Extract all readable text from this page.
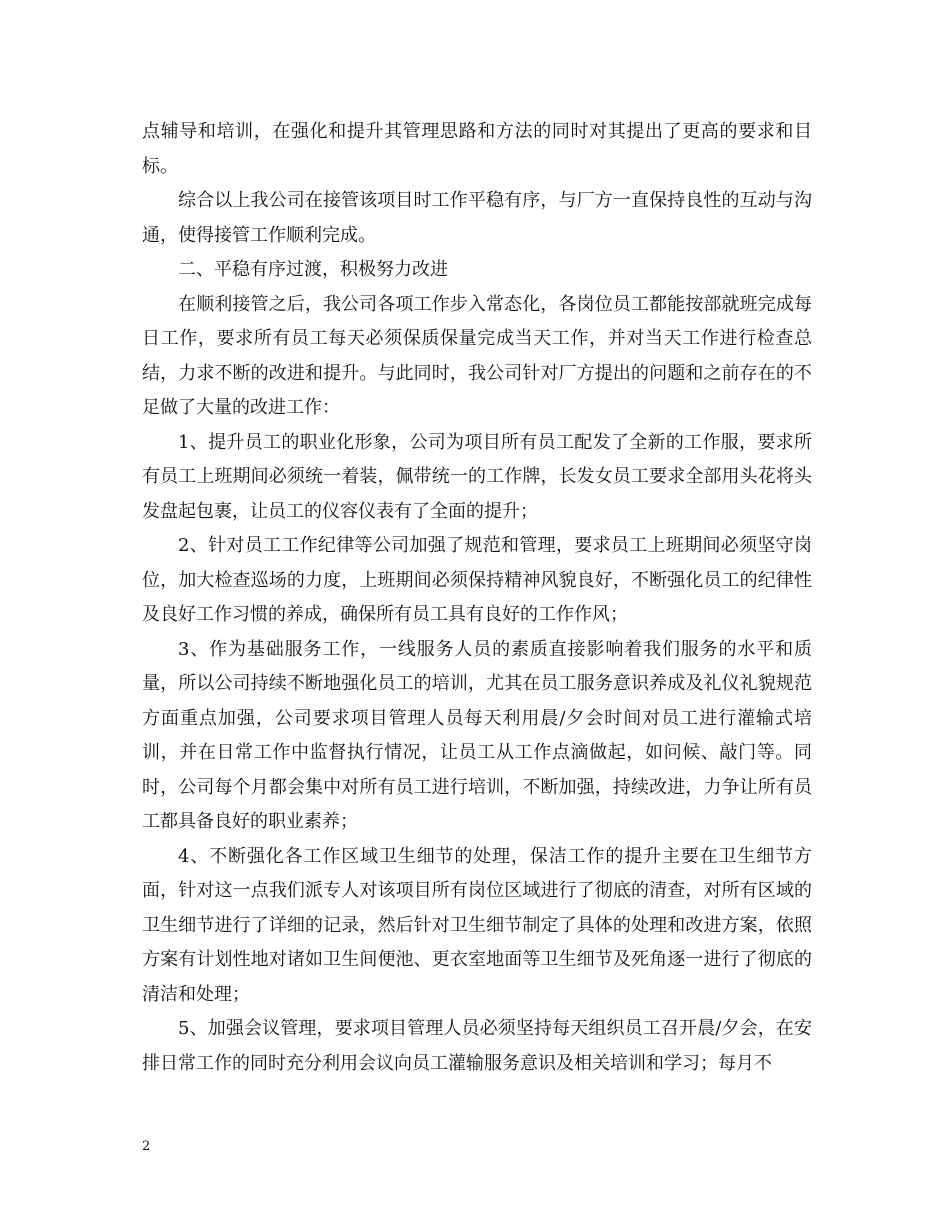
点辅导和培训，在强化和提升其管理思路和方法的同时对其提出了更高的要求和目标。

综合以上我公司在接管该项目时工作平稳有序，与厂方一直保持良性的互动与沟通，使得接管工作顺利完成。

二、平稳有序过渡，积极努力改进

在顺利接管之后，我公司各项工作步入常态化，各岗位员工都能按部就班完成每日工作，要求所有员工每天必须保质保量完成当天工作，并对当天工作进行检查总结，力求不断的改进和提升。与此同时，我公司针对厂方提出的问题和之前存在的不足做了大量的改进工作：

1、提升员工的职业化形象，公司为项目所有员工配发了全新的工作服，要求所有员工上班期间必须统一着装，佩带统一的工作牌，长发女员工要求全部用头花将头发盘起包裹，让员工的仪容仪表有了全面的提升；

2、针对员工工作纪律等公司加强了规范和管理，要求员工上班期间必须坚守岗位，加大检查巡场的力度，上班期间必须保持精神风貌良好，不断强化员工的纪律性及良好工作习惯的养成，确保所有员工具有良好的工作作风；

3、作为基础服务工作，一线服务人员的素质直接影响着我们服务的水平和质量，所以公司持续不断地强化员工的培训，尤其在员工服务意识养成及礼仪礼貌规范方面重点加强，公司要求项目管理人员每天利用晨/夕会时间对员工进行灌输式培训，并在日常工作中监督执行情况，让员工从工作点滴做起，如问候、敲门等。同时，公司每个月都会集中对所有员工进行培训，不断加强，持续改进，力争让所有员工都具备良好的职业素养；

4、不断强化各工作区域卫生细节的处理，保洁工作的提升主要在卫生细节方面，针对这一点我们派专人对该项目所有岗位区域进行了彻底的清查，对所有区域的卫生细节进行了详细的记录，然后针对卫生细节制定了具体的处理和改进方案，依照方案有计划性地对诸如卫生间便池、更衣室地面等卫生细节及死角逐一进行了彻底的清洁和处理；

5、加强会议管理，要求项目管理人员必须坚持每天组织员工召开晨/夕会，在安排日常工作的同时充分利用会议向员工灌输服务意识及相关培训和学习；每月不

2
